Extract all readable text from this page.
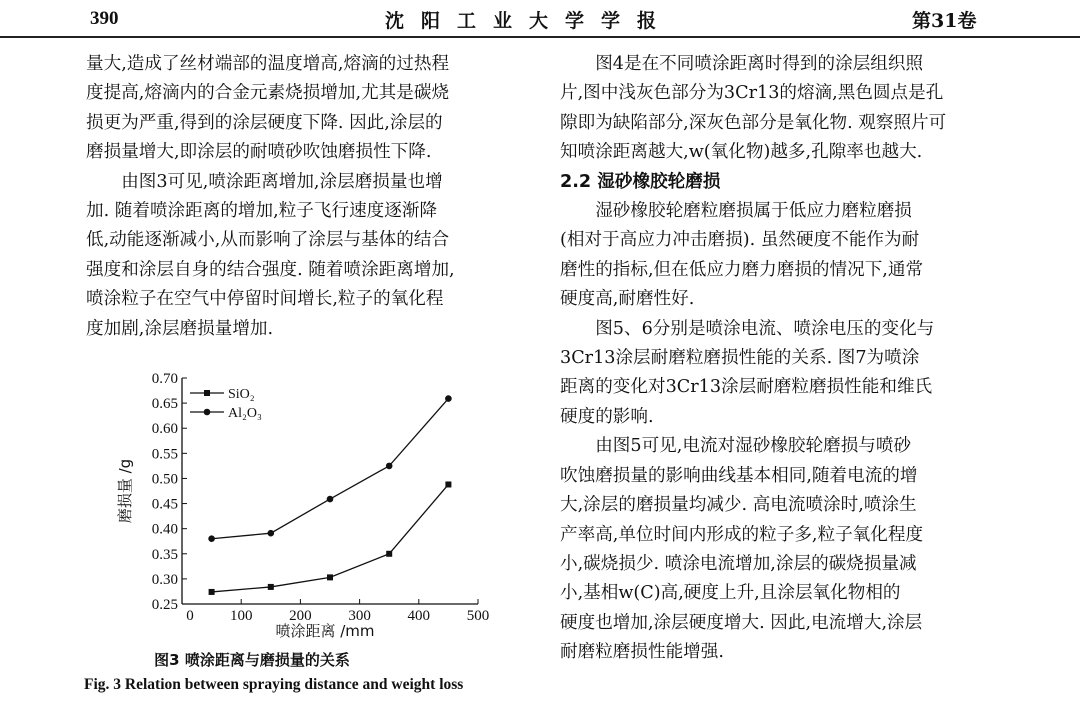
390	沈阳工业大学学报	第31卷

量大,造成了丝材端部的温度增高,熔滴的过热程
度提高,熔滴内的合金元素烧损增加,尤其是碳烧
损更为严重,得到的涂层硬度下降. 因此,涂层的
磨损量增大,即涂层的耐喷砂吹蚀磨损性下降.

由图3可见,喷涂距离增加,涂层磨损量也增
加. 随着喷涂距离的增加,粒子飞行速度逐渐降
低,动能逐渐减小,从而影响了涂层与基体的结合
强度和涂层自身的结合强度. 随着喷涂距离增加,
喷涂粒子在空气中停留时间增长,粒子的氧化程
度加剧,涂层磨损量增加.

0.25
0.30
0.35
0.40
0.45
0.50
0.55
0.60
0.65
0.70
0 100 200 300 400 500
喷涂距离 /mm
磨损量 /g
SiO₂
Al₂O₃
图3 喷涂距离与磨损量的关系
Fig. 3 Relation between spraying distance and weight loss

图4是在不同喷涂距离时得到的涂层组织照
片,图中浅灰色部分为3Cr13的熔滴,黑色圆点是孔
隙即为缺陷部分,深灰色部分是氧化物. 观察照片可
知喷涂距离越大,w(氧化物)越多,孔隙率也越大.

2.2 湿砂橡胶轮磨损

湿砂橡胶轮磨粒磨损属于低应力磨粒磨损
(相对于高应力冲击磨损). 虽然硬度不能作为耐
磨性的指标,但在低应力磨力磨损的情况下,通常
硬度高,耐磨性好.

图5、6分别是喷涂电流、喷涂电压的变化与
3Cr13涂层耐磨粒磨损性能的关系. 图7为喷涂
距离的变化对3Cr13涂层耐磨粒磨损性能和维氏
硬度的影响.

由图5可见,电流对湿砂橡胶轮磨损与喷砂
吹蚀磨损量的影响曲线基本相同,随着电流的增
大,涂层的磨损量均减少. 高电流喷涂时,喷涂生
产率高,单位时间内形成的粒子多,粒子氧化程度
小,碳烧损少. 喷涂电流增加,涂层的碳烧损量减
小,基相w(C)高,硬度上升,且涂层氧化物相的
硬度也增加,涂层硬度增大. 因此,电流增大,涂层
耐磨粒磨损性能增强.
